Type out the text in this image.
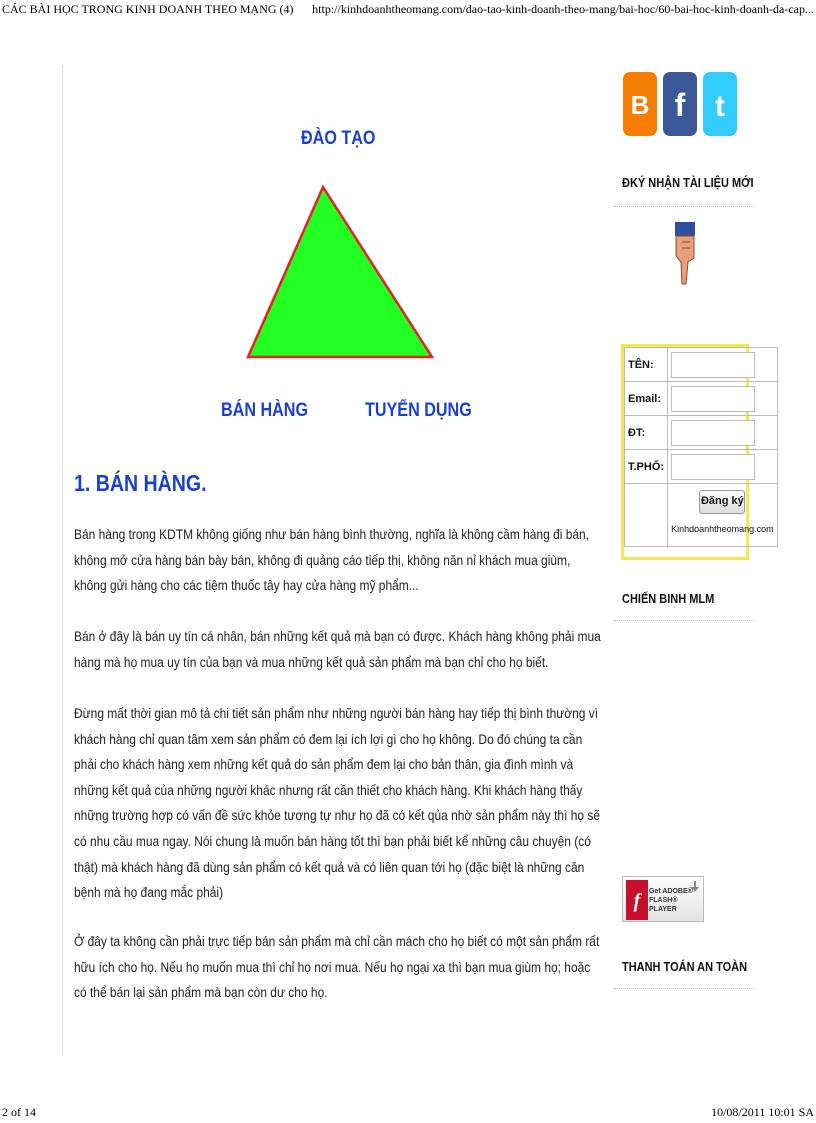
CÁC BÀI HỌC TRONG KINH DOANH THEO MẠNG (4) http://kinhdoanhtheomang.com/dao-tao-kinh-doanh-theo-mang/bai-hoc/60-bai-hoc-kinh-doanh-da-cap...
ĐÀO TẠO
BÁN HÀNG	TUYỂN DỤNG
1. BÁN HÀNG.

Bán hàng trong KDTM không giống như bán hàng bình thường, nghĩa là không cầm hàng đi bán, không mở cửa hàng bán bày bán, không đi quảng cáo tiếp thị, không năn nỉ khách mua giùm, không gửi hàng cho các tiệm thuốc tây hay cửa hàng mỹ phẩm...

Bán ở đây là bán uy tín cá nhân, bán những kết quả mà bạn có được. Khách hàng không phải mua hàng mà họ mua uy tín của bạn và mua những kết quả sản phẩm mà bạn chỉ cho họ biết.

Đừng mất thời gian mô tả chi tiết sản phẩm như những người bán hàng hay tiếp thị bình thường vì khách hàng chỉ quan tâm xem sản phẩm có đem lại ích lợi gì cho họ không. Do đó chúng ta cần phải cho khách hàng xem những kết quả do sản phẩm đem lại cho bản thân, gia đình mình và những kết quả của những người khác nhưng rất cần thiết cho khách hàng. Khi khách hàng thấy những trường hợp có vấn đề sức khỏe tương tự như họ đã có kết qủa nhờ sản phẩm này thì họ sẽ có nhu cầu mua ngay. Nói chung là muốn bán hàng tốt thì bạn phải biết kể những câu chuyện (có thật) mà khách hàng đã dùng sản phẩm có kết quả và có liên quan tới họ (đặc biệt là những căn bệnh mà họ đang mắc phải)

Ở đây ta không cần phải trực tiếp bán sản phẩm mà chỉ cần mách cho họ biết có một sản phẩm rất hữu ích cho họ. Nếu họ muốn mua thì chỉ họ nơi mua. Nếu họ ngại xa thì bạn mua giùm họ; hoặc có thể bán lại sản phẩm mà bạn còn dư cho họ.

B f t
ĐKÝ NHẬN TÀI LIỆU MỚI
TÊN:	

Email:	

ĐT:	

T.PHỐ:	

	Đăng ký
Kinhdoanhtheomang.com
CHIẾN BINH MLM
f	Get ADOBE®
FLASH® PLAYER
THANH TOÁN AN TOÀN
2 of 14	10/08/2011 10:01 SA
